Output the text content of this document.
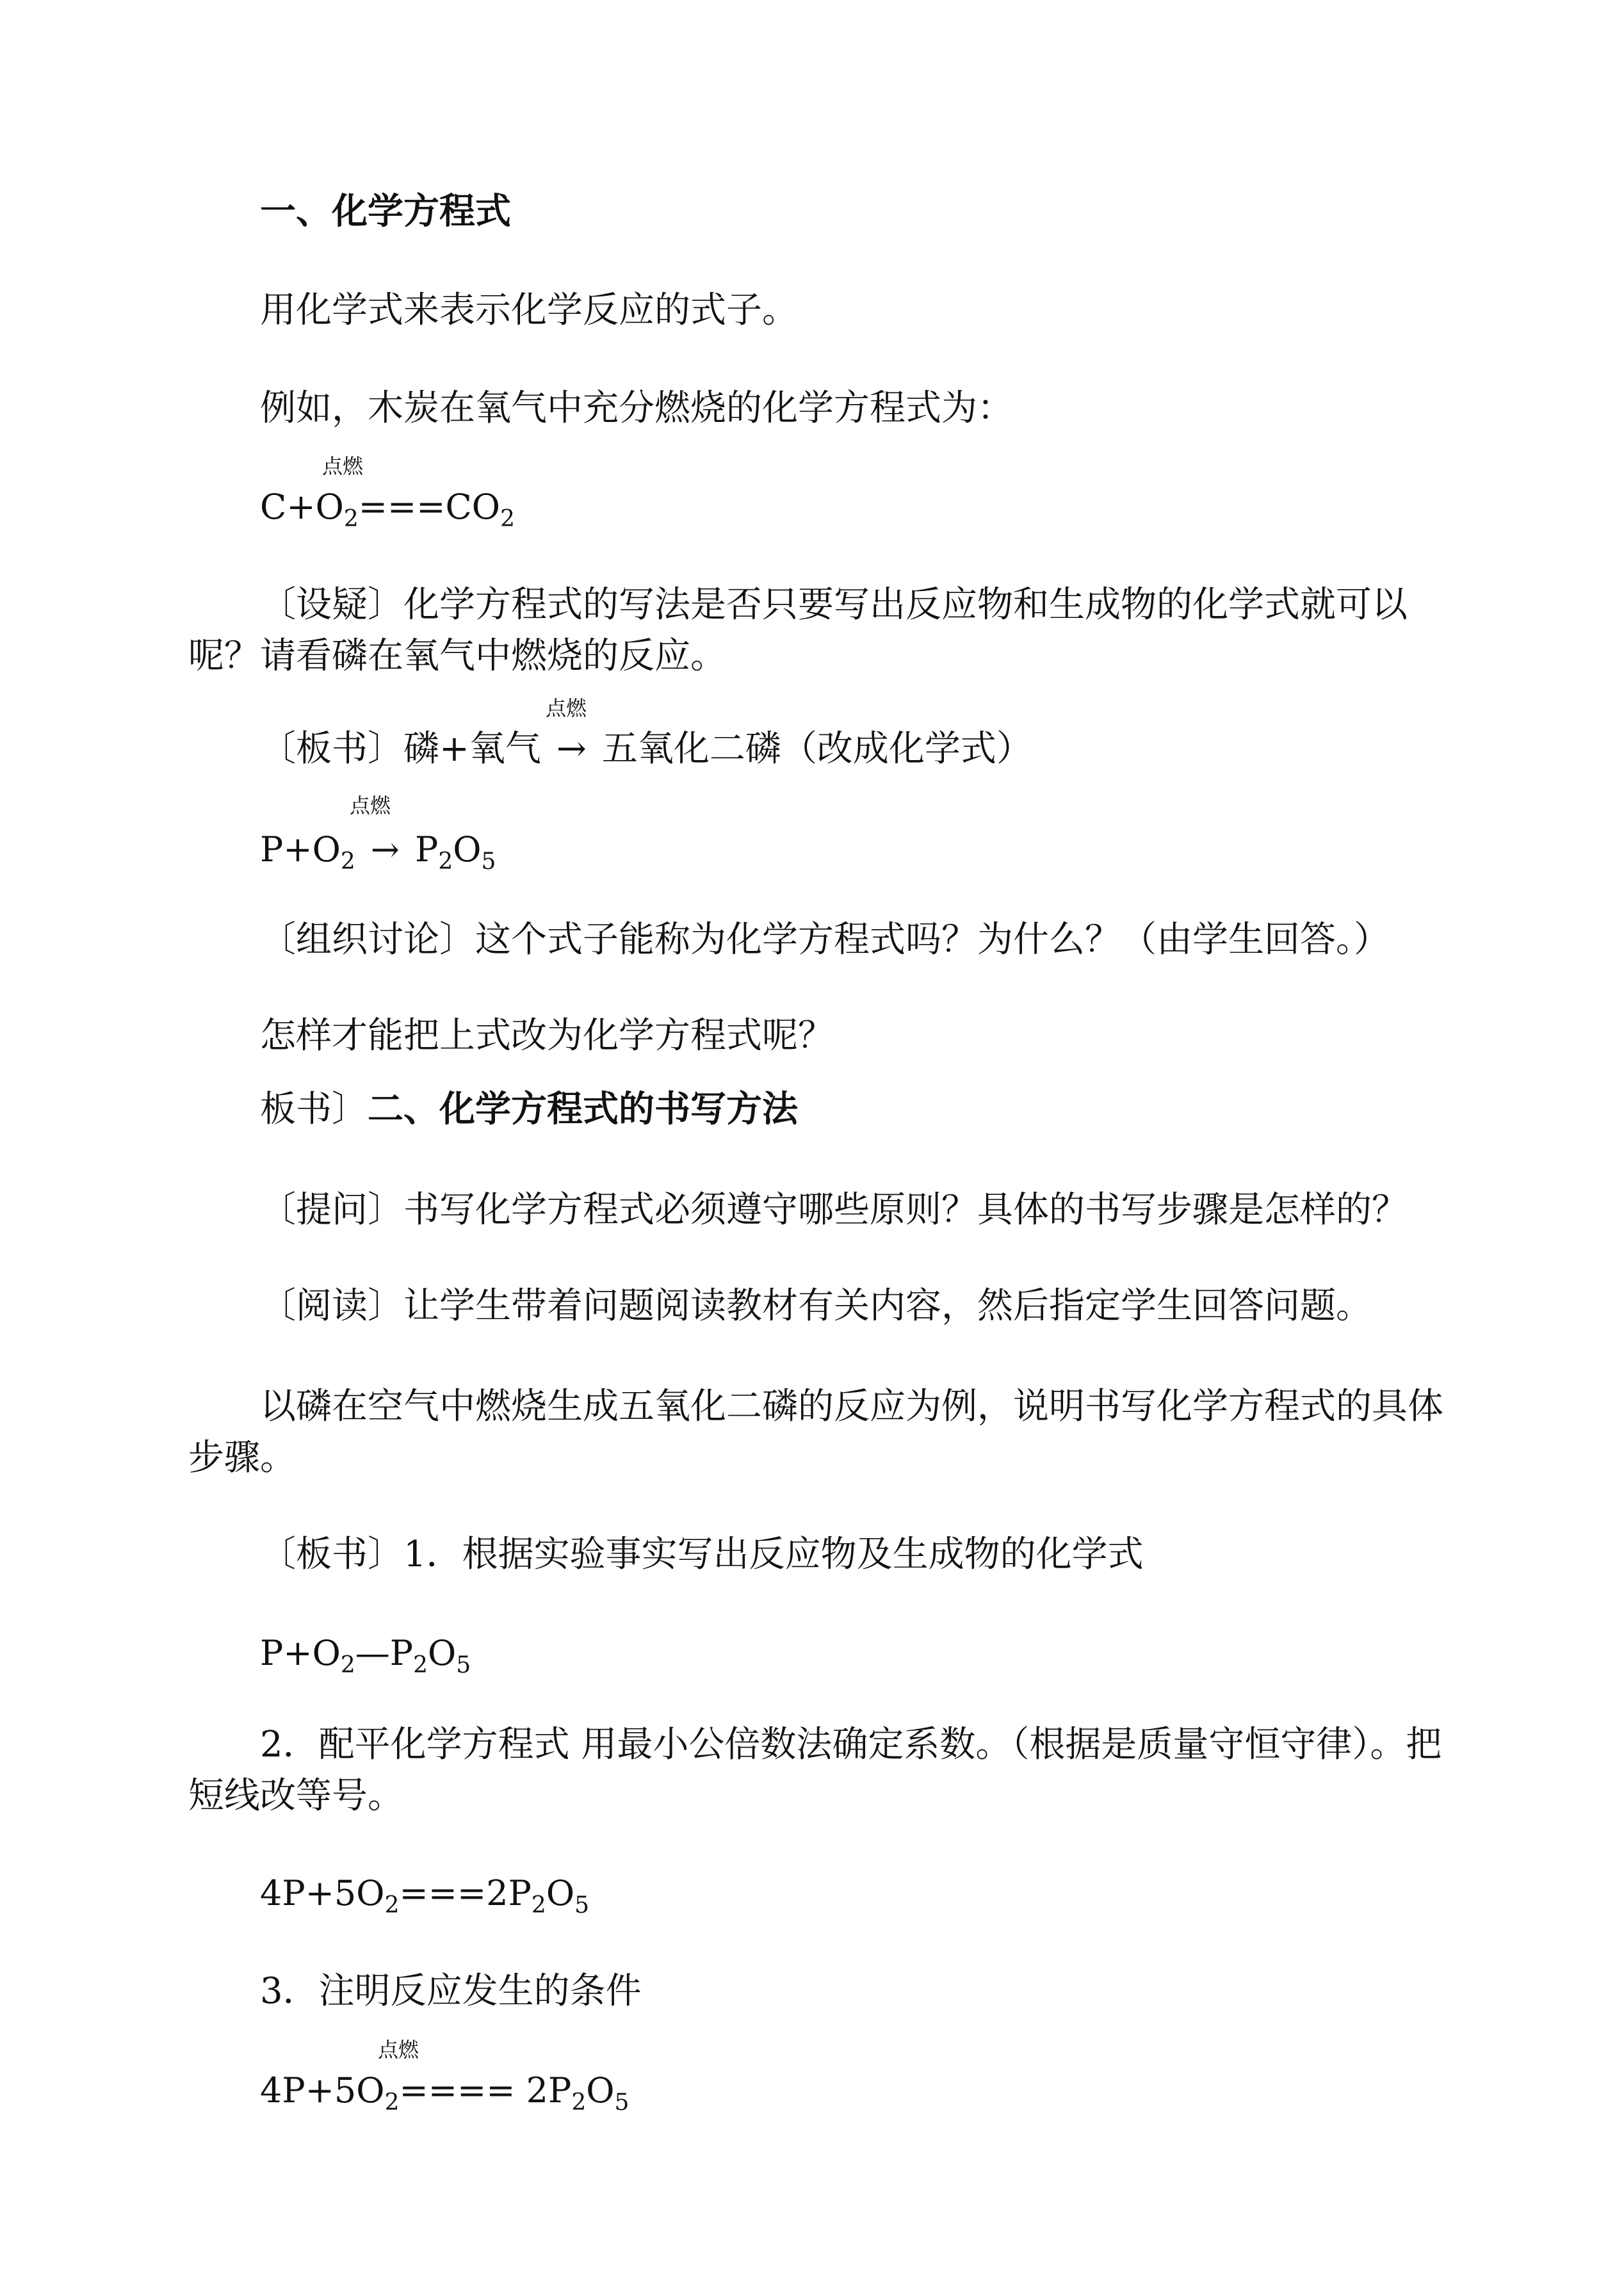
一、化学方程式
用化学式来表示化学反应的式子。
例如，木炭在氧气中充分燃烧的化学方程式为：
点燃
$C+O_2===CO_2$
〔设疑〕化学方程式的写法是否只要写出反应物和生成物的化学式就可以呢？请看磷在氧气中燃烧的反应。
点燃
〔板书〕磷+氧气 → 五氧化二磷（改成化学式）
点燃
$P+O_2 \to P_2O_5$
〔组织讨论〕这个式子能称为化学方程式吗？为什么？（由学生回答。）
怎样才能把上式改为化学方程式呢？
板书〕二、化学方程式的书写方法
〔提问〕书写化学方程式必须遵守哪些原则？具体的书写步骤是怎样的？
〔阅读〕让学生带着问题阅读教材有关内容，然后指定学生回答问题。
以磷在空气中燃烧生成五氧化二磷的反应为例，说明书写化学方程式的具体步骤。
〔板书〕1．根据实验事实写出反应物及生成物的化学式
$P+O_2—P_2O_5$
2．配平化学方程式 用最小公倍数法确定系数。（根据是质量守恒守律）。把短线改等号。
$4P+5O_2===2P_2O_5$
3．注明反应发生的条件
点燃
$4P+5O_2==== 2P_2O_5$
